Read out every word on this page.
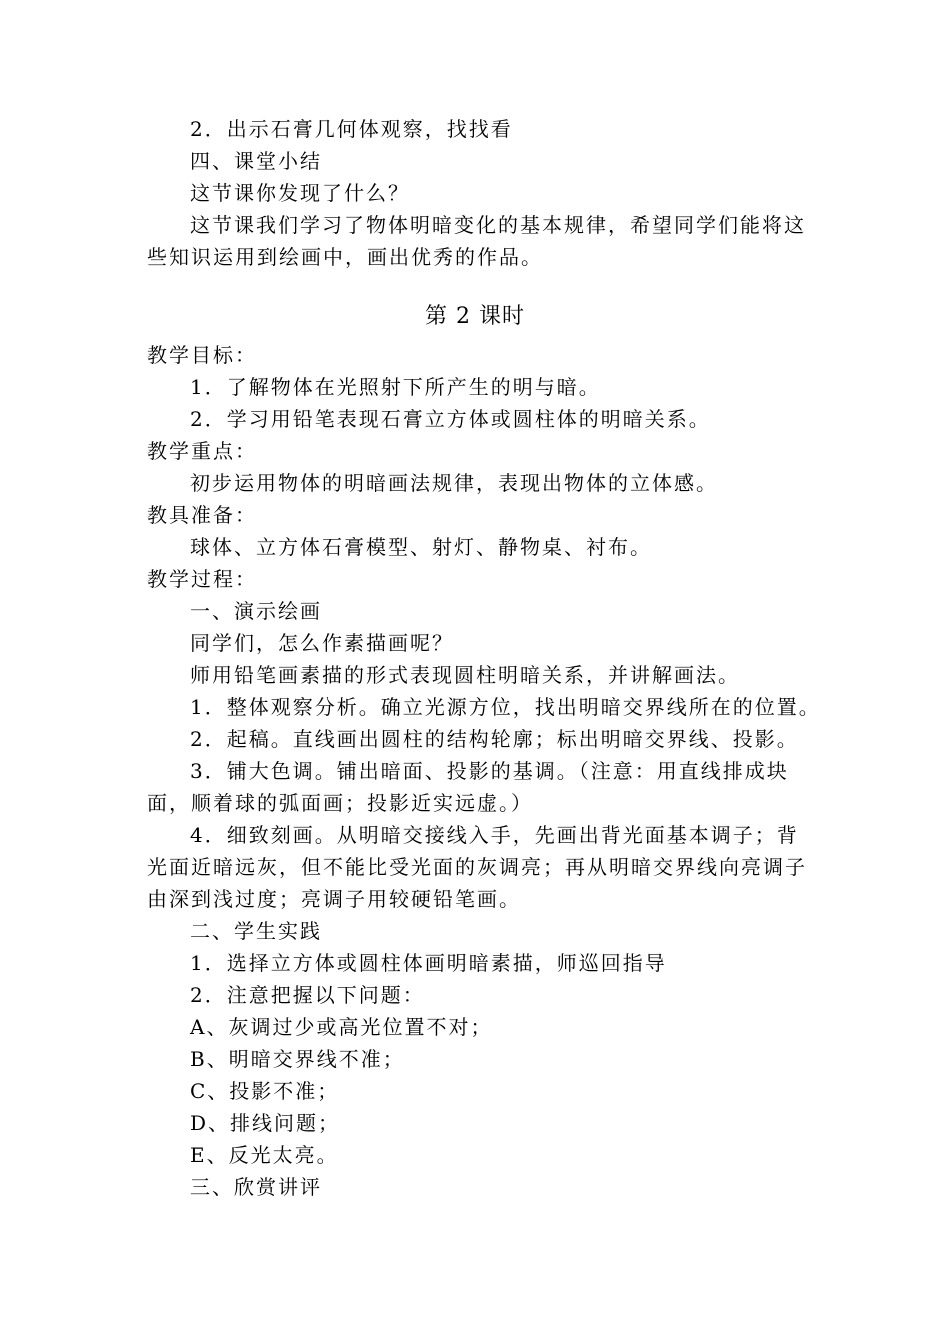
2．出示石膏几何体观察，找找看
四、课堂小结
这节课你发现了什么？
这节课我们学习了物体明暗变化的基本规律，希望同学们能将这
些知识运用到绘画中，画出优秀的作品。
第 2 课时
教学目标：
1．了解物体在光照射下所产生的明与暗。
2．学习用铅笔表现石膏立方体或圆柱体的明暗关系。
教学重点：
初步运用物体的明暗画法规律，表现出物体的立体感。
教具准备：
球体、立方体石膏模型、射灯、静物桌、衬布。
教学过程：
一、演示绘画
同学们，怎么作素描画呢？
师用铅笔画素描的形式表现圆柱明暗关系，并讲解画法。
1．整体观察分析。确立光源方位，找出明暗交界线所在的位置。
2．起稿。直线画出圆柱的结构轮廓；标出明暗交界线、投影。
3．铺大色调。铺出暗面、投影的基调。（注意：用直线排成块
面，顺着球的弧面画；投影近实远虚。）
4．细致刻画。从明暗交接线入手，先画出背光面基本调子；背
光面近暗远灰，但不能比受光面的灰调亮；再从明暗交界线向亮调子
由深到浅过度；亮调子用较硬铅笔画。
二、学生实践
1．选择立方体或圆柱体画明暗素描，师巡回指导
2．注意把握以下问题：
A、灰调过少或高光位置不对；
B、明暗交界线不准；
C、投影不准；
D、排线问题；
E、反光太亮。
三、欣赏讲评
